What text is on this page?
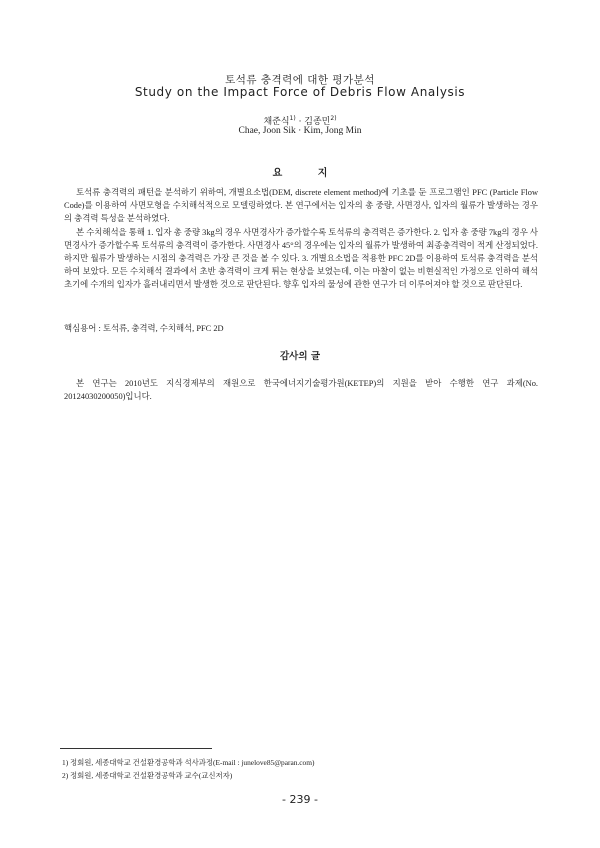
토석류 충격력에 대한 평가분석
Study on the Impact Force of Debris Flow Analysis
채준식$^{1)}$ · 김종민$^{2)}$
Chae, Joon Sik · Kim, Jong Min
요 지

토석류 충격력의 패턴을 분석하기 위하여, 개별요소법(DEM, discrete element method)에 기초를 둔 프로그램인 PFC (Particle Flow Code)를 이용하여 사면모형을 수치해석적으로 모델링하였다. 본 연구에서는 입자의 총 중량, 사면경사, 입자의 월류가 발생하는 경우의 충격력 특성을 분석하였다.

본 수치해석을 통해 1. 입자 총 중량 3kg의 경우 사면경사가 증가할수록 토석류의 충격력은 증가한다. 2. 입자 총 중량 7kg의 경우 사면경사가 증가할수록 토석류의 충격력이 증가한다. 사면경사 45°의 경우에는 입자의 월류가 발생하여 최종충격력이 적게 산정되었다. 하지만 월류가 발생하는 시점의 충격력은 가장 큰 것을 볼 수 있다. 3. 개별요소법을 적용한 PFC 2D를 이용하여 토석류 충격력을 분석하여 보았다. 모든 수치해석 결과에서 초반 충격력이 크게 튀는 현상을 보였는데, 이는 마찰이 없는 비현실적인 가정으로 인하여 해석 초기에 수개의 입자가 흘러내리면서 발생한 것으로 판단된다. 향후 입자의 물성에 관한 연구가 더 이루어져야 할 것으로 판단된다.

핵심용어 : 토석류, 충격력, 수치해석, PFC 2D
감사의 글

본 연구는 2010년도 지식경제부의 재원으로 한국에너지기술평가원(KETEP)의 지원을 받아 수행한 연구 과제(No. 20124030200050)입니다.

1) 정회원, 세종대학교 건설환경공학과 석사과정(E-mail : junelove85@paran.com)
2) 정회원, 세종대학교 건설환경공학과 교수(교신저자)
- 239 -
